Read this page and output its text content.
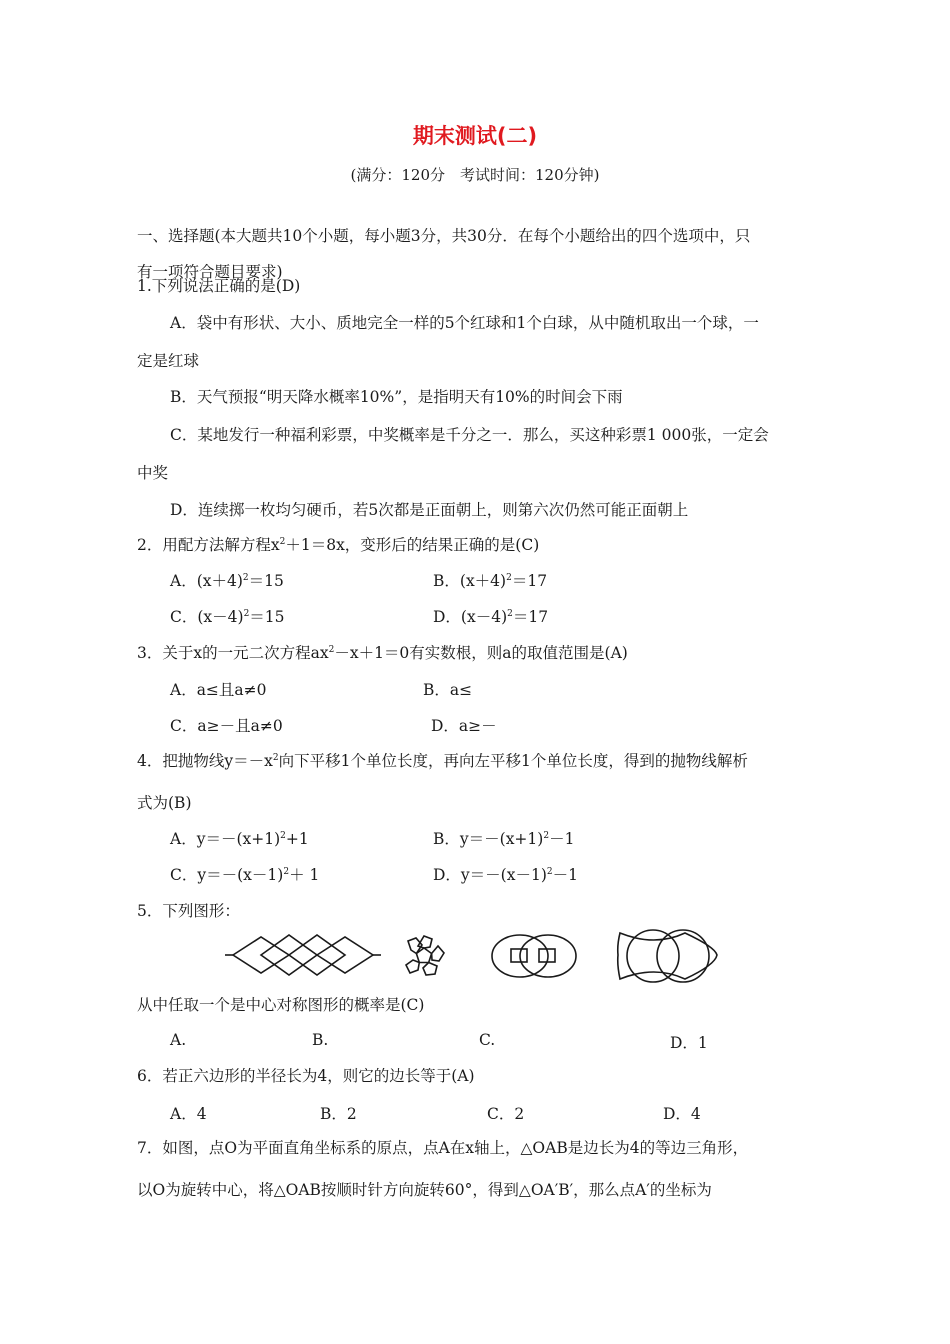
期末测试(二)
(满分：120分　考试时间：120分钟)
一、选择题(本大题共10个小题，每小题3分，共30分．在每个小题给出的四个选项中，只
有一项符合题目要求)
1.下列说法正确的是(D)
A．袋中有形状、大小、质地完全一样的5个红球和1个白球，从中随机取出一个球，一
定是红球
B．天气预报“明天降水概率10%”，是指明天有10%的时间会下雨
C．某地发行一种福利彩票，中奖概率是千分之一．那么，买这种彩票1 000张，一定会
中奖
D．连续掷一枚均匀硬币，若5次都是正面朝上，则第六次仍然可能正面朝上
2．用配方法解方程$x^2+1=8x$，变形后的结果正确的是(C)
A．$(x+4)^2=15$	B．$(x+4)^2=17$
C．$(x-4)^2=15$	D．$(x-4)^2=17$
3．关于x的一元二次方程$ax^2-x+1=0$有实数根，则a的取值范围是(A)
A．a≤且a≠0	B．a≤
C．a≥－且a≠0	D．a≥－
4．把抛物线$y=-x^2$向下平移1个单位长度，再向左平移1个单位长度，得到的抛物线解析
式为(B)
A．$y=-(x+1)^2+1$	B．$y=-(x+1)^2-1$
C．$y=-(x-1)^2+ 1$	D．$y=-(x-1)^2-1$
5．下列图形：
从中任取一个是中心对称图形的概率是(C)
A.	B.	C.	D．1
6．若正六边形的半径长为4，则它的边长等于(A)
A．4	B．2	C．2	D．4
7．如图，点O为平面直角坐标系的原点，点A在x轴上，△OAB是边长为4的等边三角形，
以O为旋转中心，将△OAB按顺时针方向旋转60°，得到△OA′B′，那么点A′的坐标为
